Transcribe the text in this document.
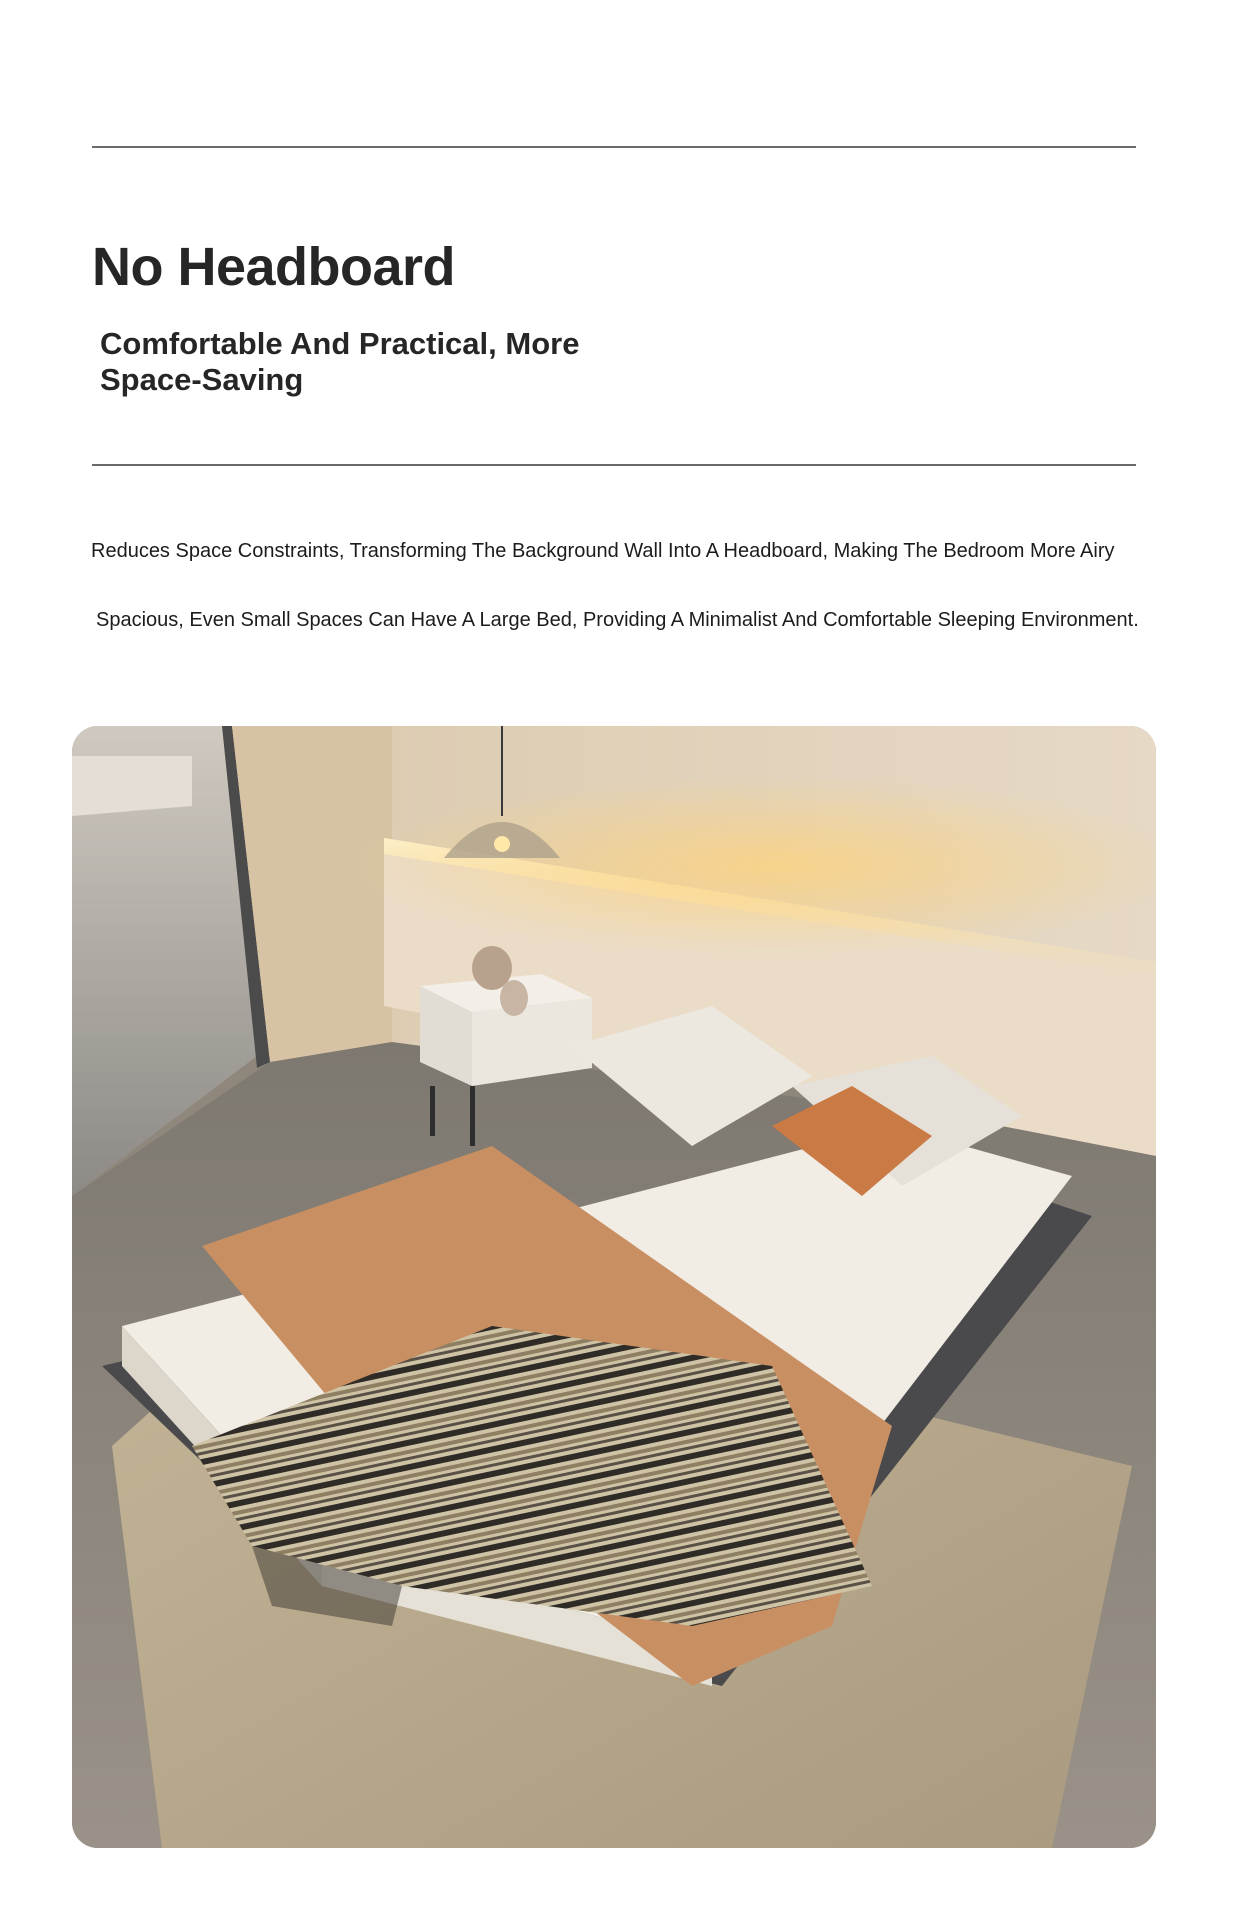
No Headboard
Comfortable And Practical, More
Space-Saving

Reduces Space Constraints, Transforming The Background Wall Into A Headboard, Making The Bedroom More Airy

Spacious, Even Small Spaces Can Have A Large Bed, Providing A Minimalist And Comfortable Sleeping Environment.
